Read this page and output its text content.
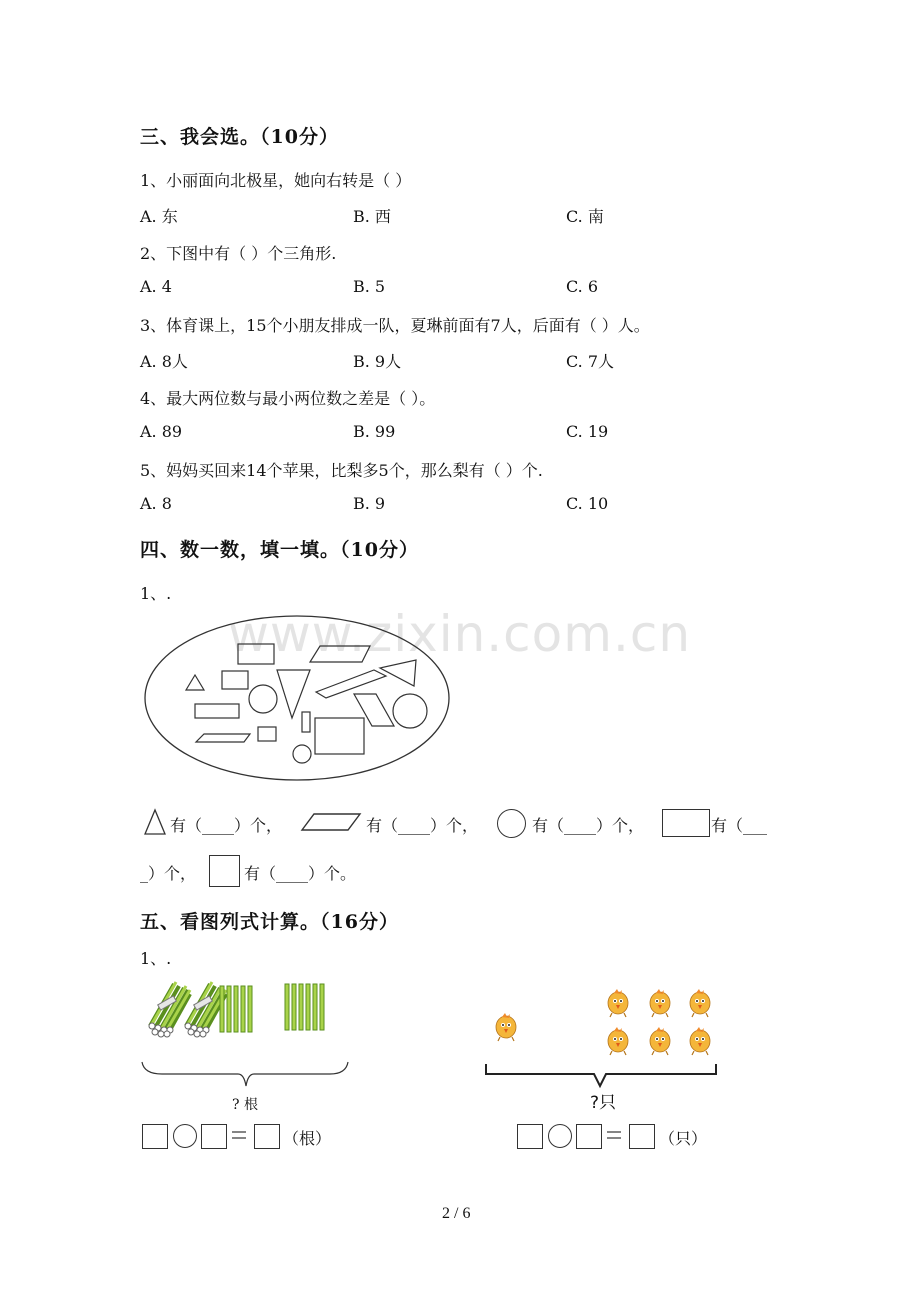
www.zixin.com.cn
三、我会选。（10分）
1、小丽面向北极星，她向右转是（ ）
A. 东	B. 西	C. 南
2、下图中有（ ）个三角形.
A. 4	B. 5	C. 6
3、体育课上，15个小朋友排成一队，夏琳前面有7人，后面有（ ）人。
A. 8人	B. 9人	C. 7人
4、最大两位数与最小两位数之差是（ ）。
A. 89	B. 99	C. 19
5、妈妈买回来14个苹果，比梨多5个，那么梨有（ ）个.
A. 8	B. 9	C. 10
四、数一数，填一填。（10分）
1、.
有（____）个，	有（____）个，	有（____）个，	有（___
_）个，	有（____）个。
五、看图列式计算。（16分）
1、.
? 根
（根）
?只
（只）
2 / 6
